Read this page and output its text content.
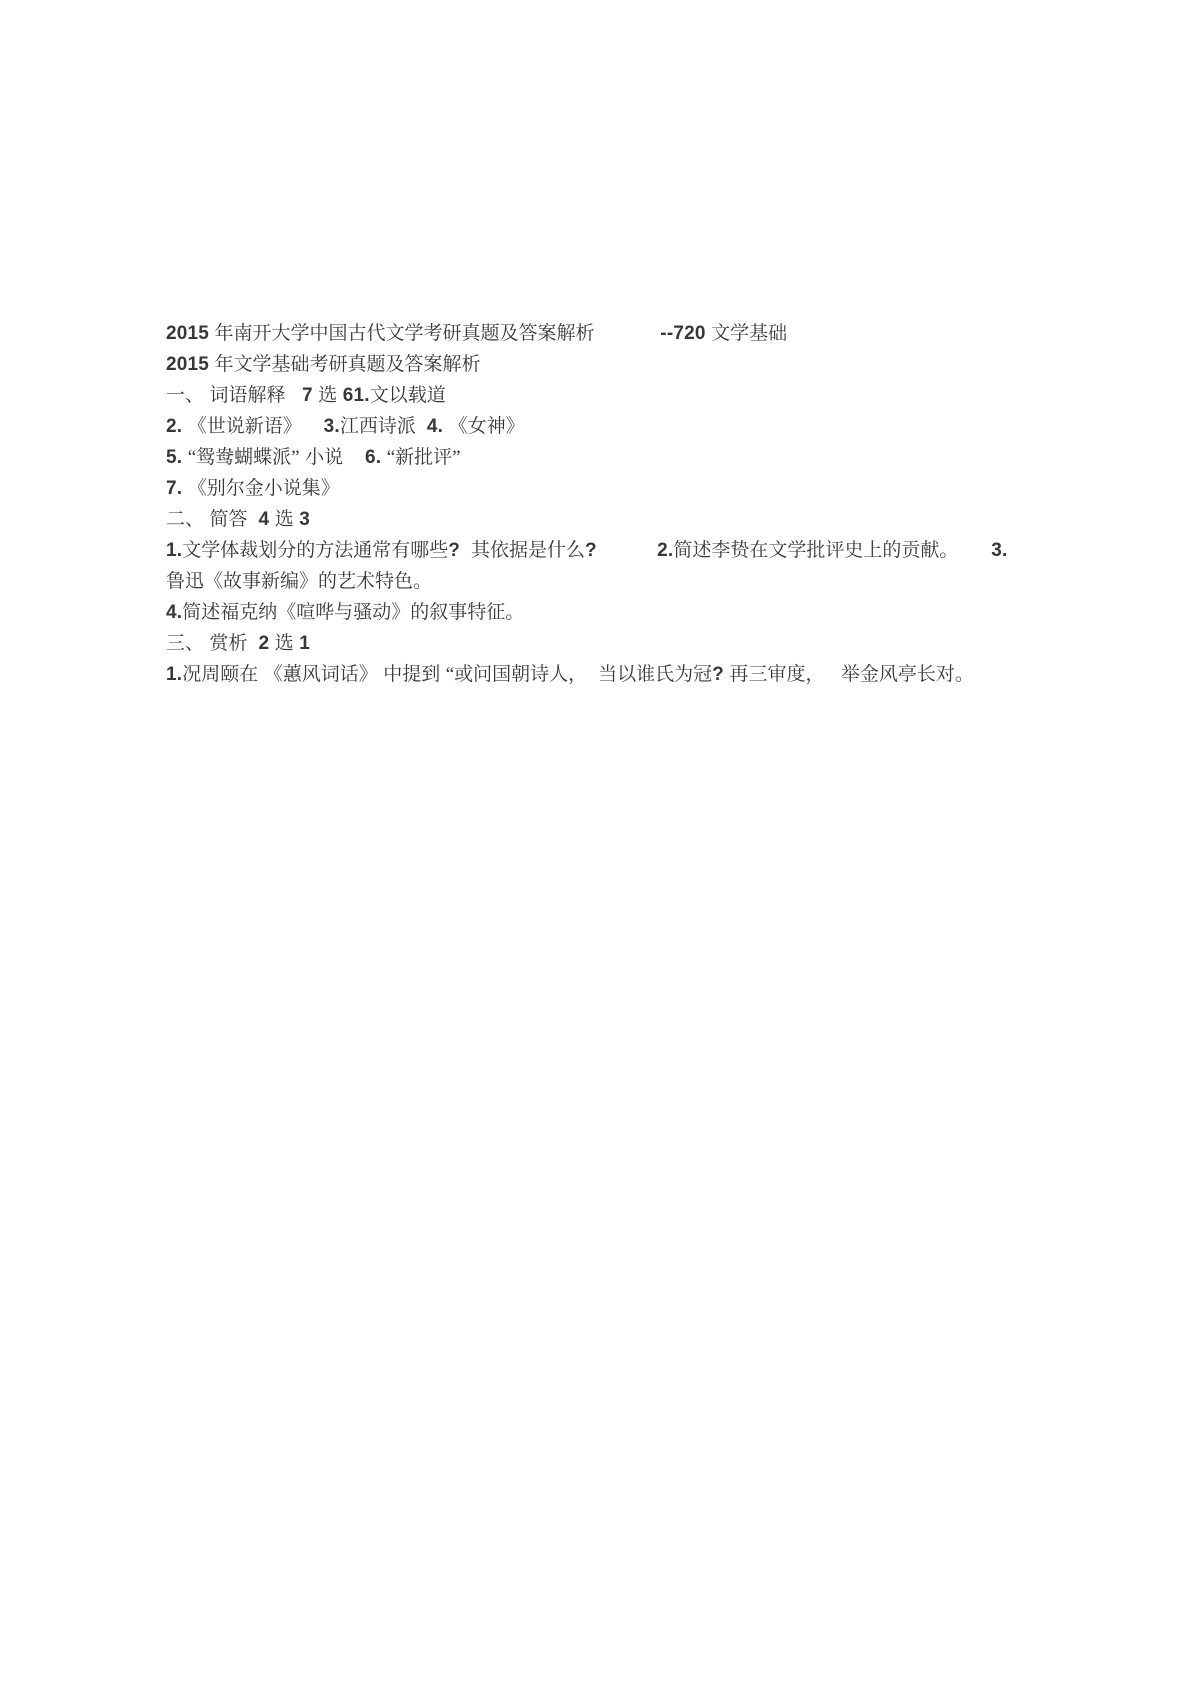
2015 年南开大学中国古代文学考研真题及答案解析            --720 文学基础
2015 年文学基础考研真题及答案解析
一、 词语解释   7 选 61.文以载道
2. 《世说新语》    3.江西诗派  4. 《女神》
5. “鸳鸯蝴蝶派” 小说    6. “新批评”
7. 《别尔金小说集》
二、 简答  4 选 3
1.文学体裁划分的方法通常有哪些?  其依据是什么?           2.简述李贽在文学批评史上的贡献。      3.
鲁迅《故事新编》的艺术特色。
4.简述福克纳《喧哗与骚动》的叙事特征。
三、 赏析  2 选 1
1.况周颐在 《蕙风词话》 中提到 “或问国朝诗人， 当以谁氏为冠? 再三审度， 举金风亭长对。
